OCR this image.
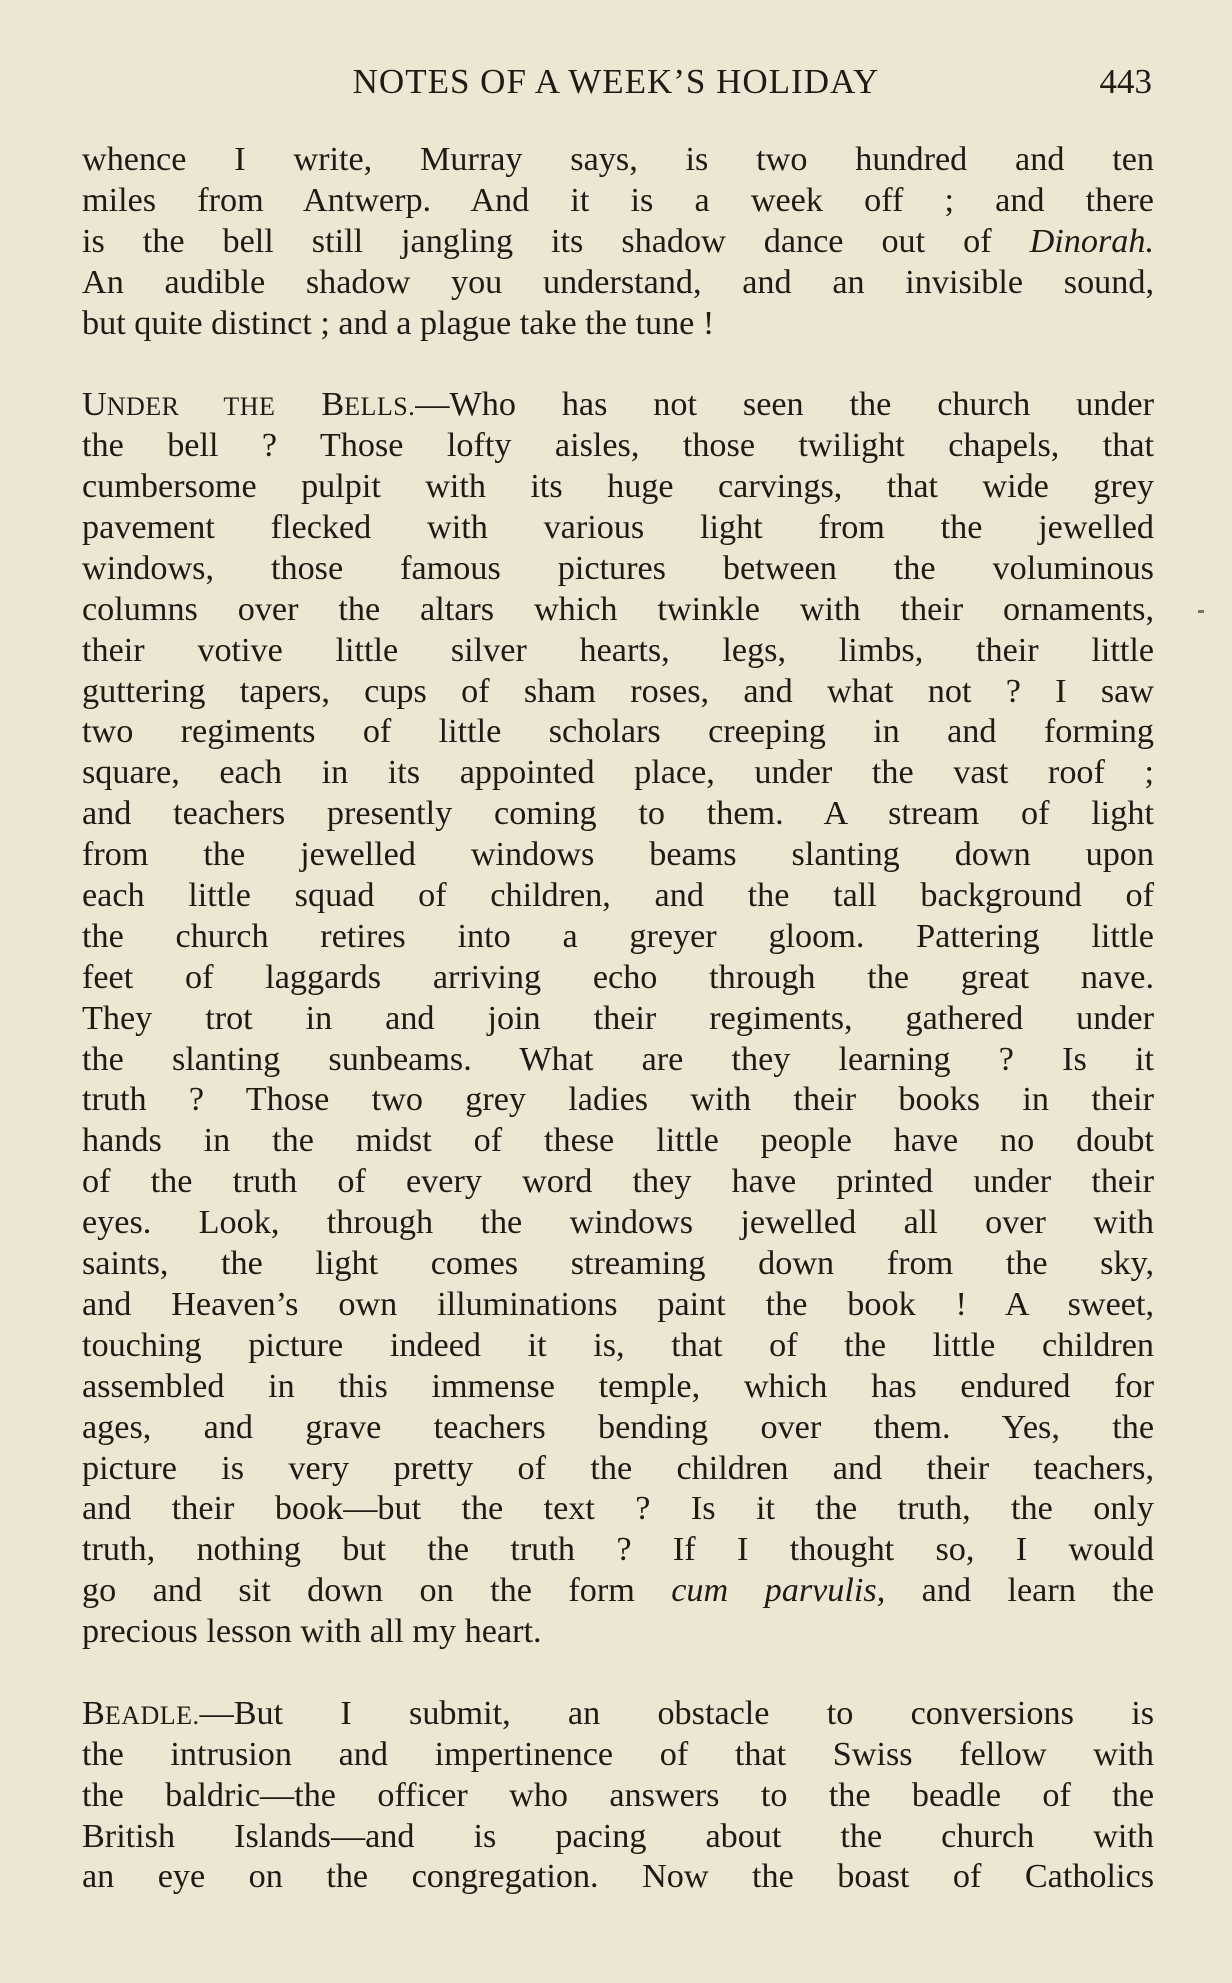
NOTES OF A WEEK’S HOLIDAY	443
whence I write, Murray says, is two hundred and ten
miles from Antwerp. And it is a week off ; and there
is the bell still jangling its shadow dance out of Dinorah.
An audible shadow you understand, and an invisible sound,
but quite distinct ; and a plague take the tune !
UNDER THE BELLS.—Who has not seen the church under
the bell ? Those lofty aisles, those twilight chapels, that
cumbersome pulpit with its huge carvings, that wide grey
pavement flecked with various light from the jewelled
windows, those famous pictures between the voluminous
columns over the altars which twinkle with their ornaments,
their votive little silver hearts, legs, limbs, their little
guttering tapers, cups of sham roses, and what not ? I saw
two regiments of little scholars creeping in and forming
square, each in its appointed place, under the vast roof ;
and teachers presently coming to them. A stream of light
from the jewelled windows beams slanting down upon
each little squad of children, and the tall background of
the church retires into a greyer gloom. Pattering little
feet of laggards arriving echo through the great nave.
They trot in and join their regiments, gathered under
the slanting sunbeams. What are they learning ? Is it
truth ? Those two grey ladies with their books in their
hands in the midst of these little people have no doubt
of the truth of every word they have printed under their
eyes. Look, through the windows jewelled all over with
saints, the light comes streaming down from the sky,
and Heaven’s own illuminations paint the book ! A sweet,
touching picture indeed it is, that of the little children
assembled in this immense temple, which has endured for
ages, and grave teachers bending over them. Yes, the
picture is very pretty of the children and their teachers,
and their book—but the text ? Is it the truth, the only
truth, nothing but the truth ? If I thought so, I would
go and sit down on the form cum parvulis, and learn the
precious lesson with all my heart.
BEADLE.—But I submit, an obstacle to conversions is
the intrusion and impertinence of that Swiss fellow with
the baldric—the officer who answers to the beadle of the
British Islands—and is pacing about the church with
an eye on the congregation. Now the boast of Catholics
